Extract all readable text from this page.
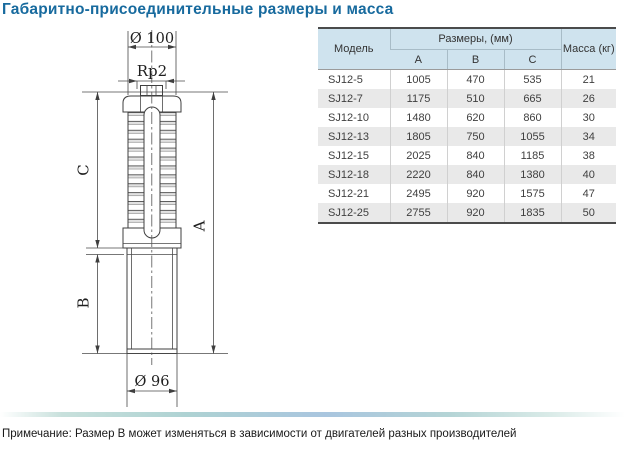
Габаритно-присоединительные размеры и масса
Ø 100
Rp2
C
B
A
Ø 96
Модель	Размеры, (мм)			Масса (кг)
	A	B	C	
SJ12-5	1005	470	535	21
SJ12-7	1175	510	665	26
SJ12-10	1480	620	860	30
SJ12-13	1805	750	1055	34
SJ12-15	2025	840	1185	38
SJ12-18	2220	840	1380	40
SJ12-21	2495	920	1575	47
SJ12-25	2755	920	1835	50

Примечание: Размер В может изменяться в зависимости от двигателей разных производителей
